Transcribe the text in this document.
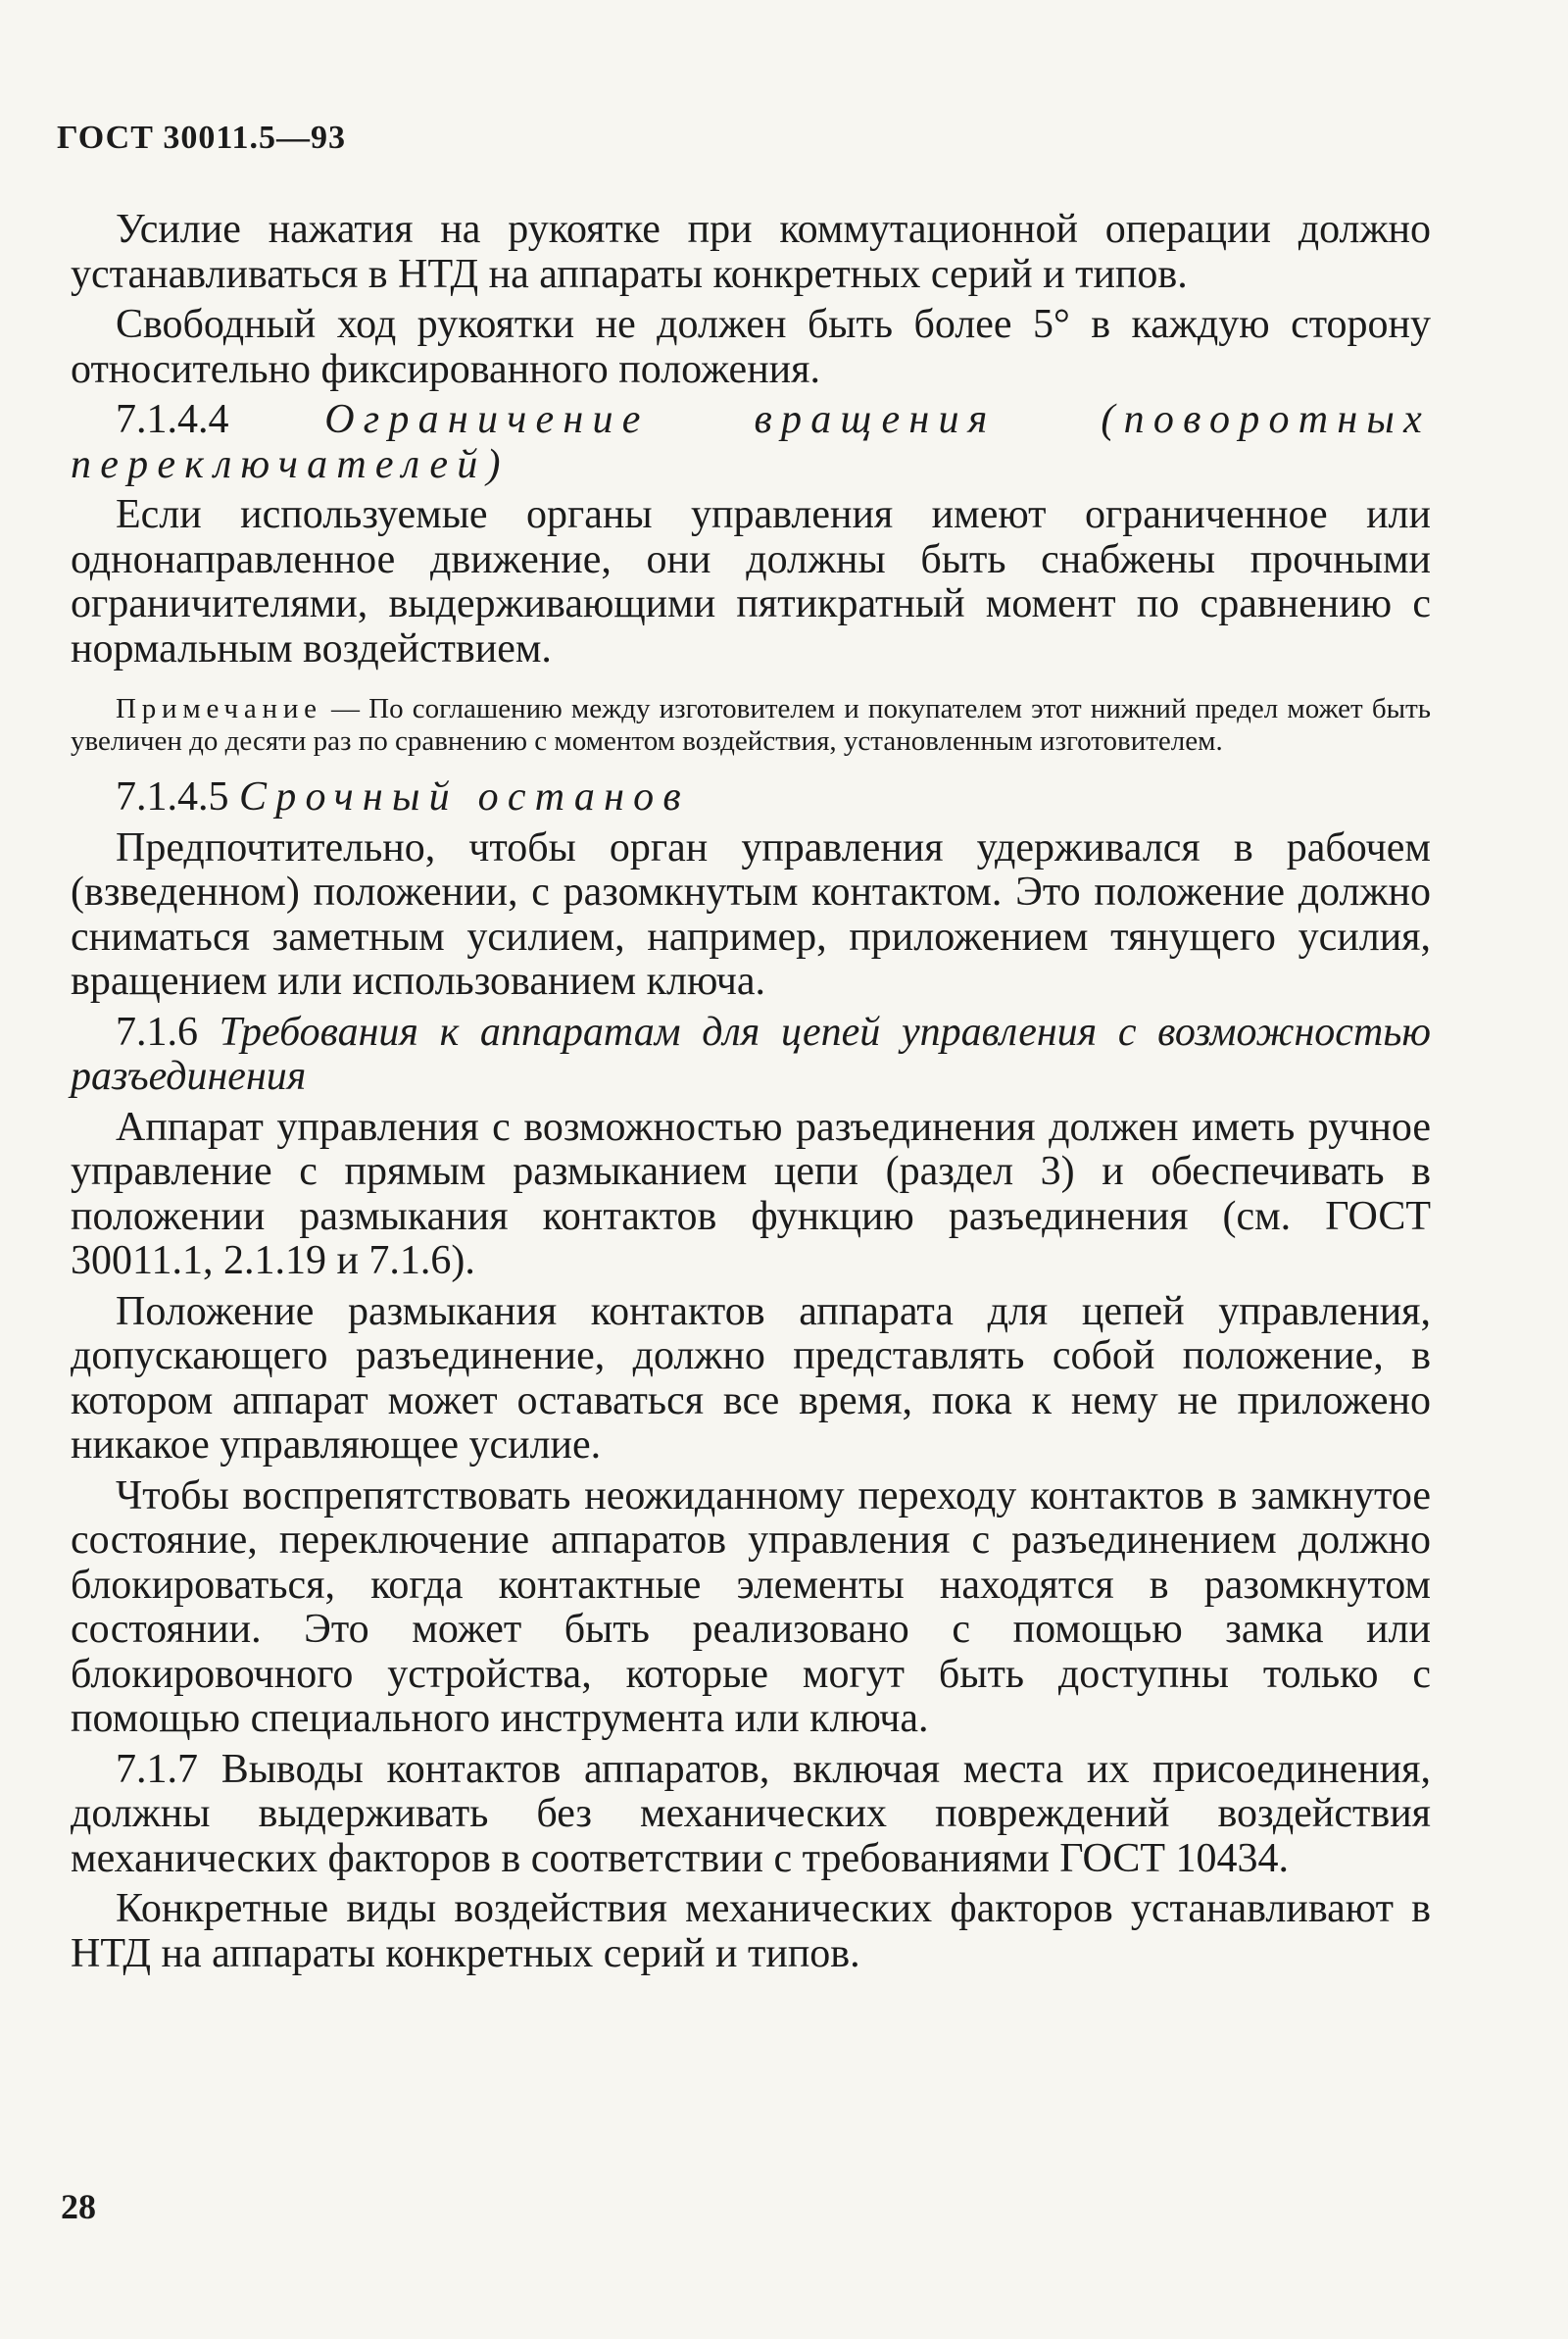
ГОСТ 30011.5—93

Усилие нажатия на рукоятке при коммутационной операции должно устанавливаться в НТД на аппараты конкретных серий и типов.

Свободный ход рукоятки не должен быть более 5° в каждую сторону относительно фиксированного положения.

7.1.4.4 Ограничение вращения (поворотных переключателей)

Если используемые органы управления имеют ограниченное или однонаправленное движение, они должны быть снабжены прочными ограничителями, выдерживающими пятикратный момент по сравнению с нормальным воздействием.

Примечание — По соглашению между изготовителем и покупателем этот нижний предел может быть увеличен до десяти раз по сравнению с моментом воздействия, установленным изготовителем.

7.1.4.5 Срочный останов

Предпочтительно, чтобы орган управления удерживался в рабочем (взведенном) положении, с разомкнутым контактом. Это положение должно сниматься заметным усилием, например, приложением тянущего усилия, вращением или использованием ключа.

7.1.6 Требования к аппаратам для цепей управления с возможностью разъединения

Аппарат управления с возможностью разъединения должен иметь ручное управление с прямым размыканием цепи (раздел 3) и обеспечивать в положении размыкания контактов функцию разъединения (см. ГОСТ 30011.1, 2.1.19 и 7.1.6).

Положение размыкания контактов аппарата для цепей управления, допускающего разъединение, должно представлять собой положение, в котором аппарат может оставаться все время, пока к нему не приложено никакое управляющее усилие.

Чтобы воспрепятствовать неожиданному переходу контактов в замкнутое состояние, переключение аппаратов управления с разъединением должно блокироваться, когда контактные элементы находятся в разомкнутом состоянии. Это может быть реализовано с помощью замка или блокировочного устройства, которые могут быть доступны только с помощью специального инструмента или ключа.

7.1.7 Выводы контактов аппаратов, включая места их присоединения, должны выдерживать без механических повреждений воздействия механических факторов в соответствии с требованиями ГОСТ 10434.

Конкретные виды воздействия механических факторов устанавливают в НТД на аппараты конкретных серий и типов.

28
